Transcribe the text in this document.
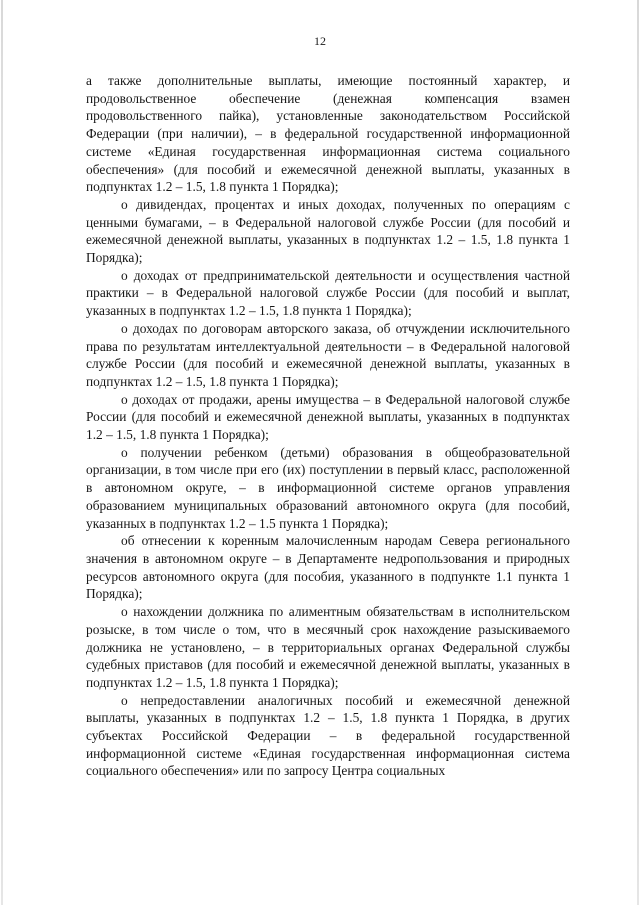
12

а также дополнительные выплаты, имеющие постоянный характер, и продовольственное обеспечение (денежная компенсация взамен продовольственного пайка), установленные законодательством Российской Федерации (при наличии), – в федеральной государственной информационной системе «Единая государственная информационная система социального обеспечения» (для пособий и ежемесячной денежной выплаты, указанных в подпунктах 1.2 – 1.5, 1.8 пункта 1 Порядка);

о дивидендах, процентах и иных доходах, полученных по операциям с ценными бумагами, – в Федеральной налоговой службе России (для пособий и ежемесячной денежной выплаты, указанных в подпунктах 1.2 – 1.5, 1.8 пункта 1 Порядка);

о доходах от предпринимательской деятельности и осуществления частной практики – в Федеральной налоговой службе России (для пособий и выплат, указанных в подпунктах 1.2 – 1.5, 1.8 пункта 1 Порядка);

о доходах по договорам авторского заказа, об отчуждении исключительного права по результатам интеллектуальной деятельности – в Федеральной налоговой службе России (для пособий и ежемесячной денежной выплаты, указанных в подпунктах 1.2 – 1.5, 1.8 пункта 1 Порядка);

о доходах от продажи, арены имущества – в Федеральной налоговой службе России (для пособий и ежемесячной денежной выплаты, указанных в подпунктах 1.2 – 1.5, 1.8 пункта 1 Порядка);

о получении ребенком (детьми) образования в общеобразовательной организации, в том числе при его (их) поступлении в первый класс, расположенной в автономном округе, – в информационной системе органов управления образованием муниципальных образований автономного округа (для пособий, указанных в подпунктах 1.2 – 1.5 пункта 1 Порядка);

об отнесении к коренным малочисленным народам Севера регионального значения в автономном округе – в Департаменте недропользования и природных ресурсов автономного округа (для пособия, указанного в подпункте 1.1 пункта 1 Порядка);

о нахождении должника по алиментным обязательствам в исполнительском розыске, в том числе о том, что в месячный срок нахождение разыскиваемого должника не установлено, – в территориальных органах Федеральной службы судебных приставов (для пособий и ежемесячной денежной выплаты, указанных в подпунктах 1.2 – 1.5, 1.8 пункта 1 Порядка);

о непредоставлении аналогичных пособий и ежемесячной денежной выплаты, указанных в подпунктах 1.2 – 1.5, 1.8 пункта 1 Порядка, в других субъектах Российской Федерации – в федеральной государственной информационной системе «Единая государственная информационная система социального обеспечения» или по запросу Центра социальных
